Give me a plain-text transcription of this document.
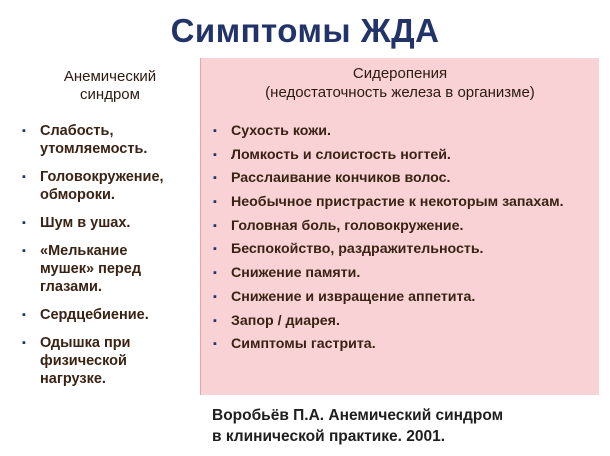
Симптомы ЖДА
Анемический
синдром
Сидеропения
(недостаточность железа в организме)
▪ Сухость кожи.
▪ Ломкость и слоистость ногтей.
▪ Расслаивание кончиков волос.
▪ Необычное пристрастие к некоторым запахам.
▪ Головная боль, головокружение.
▪ Беспокойство, раздражительность.
▪ Снижение памяти.
▪ Снижение и извращение аппетита.
▪ Запор / диарея.
▪ Симптомы гастрита.
▪ Слабость,
утомляемость.
▪ Головокружение,
обмороки.
▪ Шум в ушах.
▪ «Мелькание
мушек» перед
глазами.
▪ Сердцебиение.
▪ Одышка при
физической
нагрузке.
Воробьёв П.А. Анемический синдром
в клинической практике. 2001.
